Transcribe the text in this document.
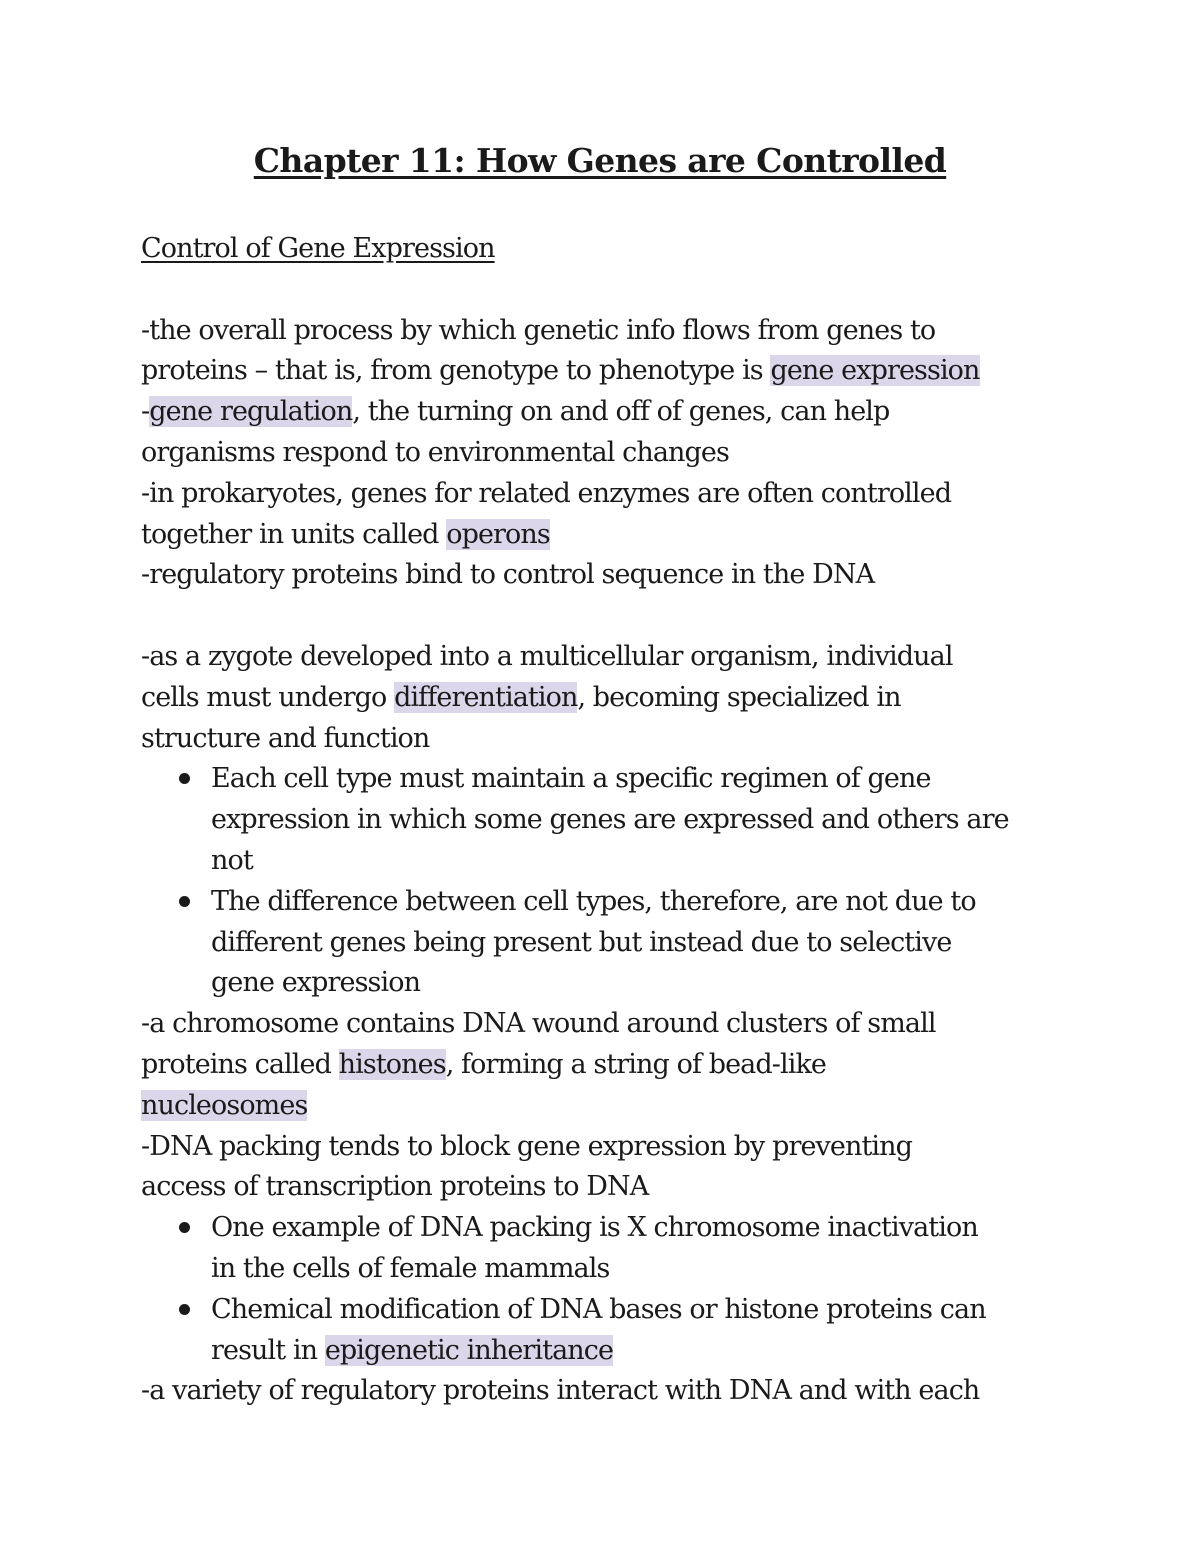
Chapter 11: How Genes are Controlled

Control of Gene Expression

-the overall process by which genetic info flows from genes to

proteins – that is, from genotype to phenotype is gene expression

-gene regulation, the turning on and off of genes, can help

organisms respond to environmental changes

-in prokaryotes, genes for related enzymes are often controlled

together in units called operons

-regulatory proteins bind to control sequence in the DNA

-as a zygote developed into a multicellular organism, individual

cells must undergo differentiation, becoming specialized in

structure and function

Each cell type must maintain a specific regimen of gene

expression in which some genes are expressed and others are

not

The difference between cell types, therefore, are not due to

different genes being present but instead due to selective

gene expression

-a chromosome contains DNA wound around clusters of small

proteins called histones, forming a string of bead-like

nucleosomes

-DNA packing tends to block gene expression by preventing

access of transcription proteins to DNA

One example of DNA packing is X chromosome inactivation

in the cells of female mammals

Chemical modification of DNA bases or histone proteins can

result in epigenetic inheritance

-a variety of regulatory proteins interact with DNA and with each
